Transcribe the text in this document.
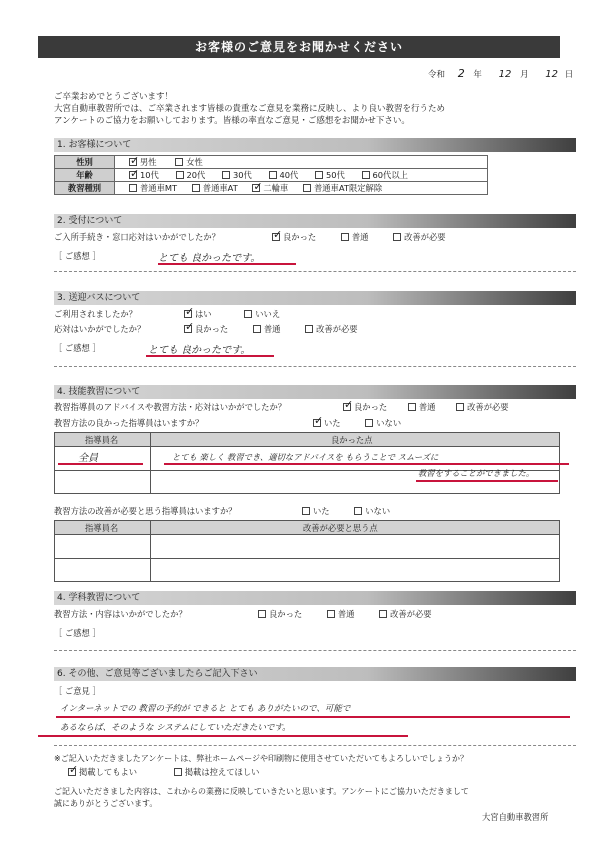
お客様のご意見をお聞かせください
令和 2 年 12 月 12 日
ご卒業おめでとうございます！
大宮自動車教習所では、ご卒業されます皆様の貴重なご意見を業務に反映し、より良い教習を行うため
アンケートのご協力をお願いしております。皆様の率直なご意見・ご感想をお聞かせ下さい。
1. お客様について
性別	✓男性 女性
年齢	✓10代 20代 30代 40代 50代 60代以上
教習種別	普通車MT 普通車AT ✓ 二輪車 普通車AT限定解除
2. 受付について
ご入所手続き・窓口応対はいかがでしたか？ ✓	良かった	普通	改善が必要
［ ご感想 ］	とても 良かったです。
3. 送迎バスについて
ご利用されましたか？ ✓	はい	いいえ
応対はいかがでしたか？ ✓	良かった	普通	改善が必要
［ ご感想 ］	とても 良かったです。
4. 技能教習について
教習指導員のアドバイスや教習方法・応対はいかがでしたか？ ✓	良かった	普通	改善が必要
教習方法の良かった指導員はいますか？ ✓	いた	いない
指導員名	良かった点
全員	とても 楽しく 教習でき、適切なアドバイスを もらうことで スムーズに
教習をすることができました。
教習方法の改善が必要と思う指導員はいますか？	いた	いない
指導員名	改善が必要と思う点
4. 学科教習について
教習方法・内容はいかがでしたか？	良かった	普通	改善が必要
［ ご感想 ］
6. その他、ご意見等ございましたらご記入下さい
［ ご意見 ］
インターネットでの 教習の予約が できると とても ありがたいので、可能で
あるならば、そのような システムにしていただきたいです。
※ご記入いただきましたアンケートは、弊社ホームページや印刷物に使用させていただいてもよろしいでしょうか？
✓掲載してもよい	掲載は控えてほしい
ご記入いただきました内容は、これからの業務に反映していきたいと思います。アンケートにご協力いただきまして
誠にありがとうございます。
大宮自動車教習所
